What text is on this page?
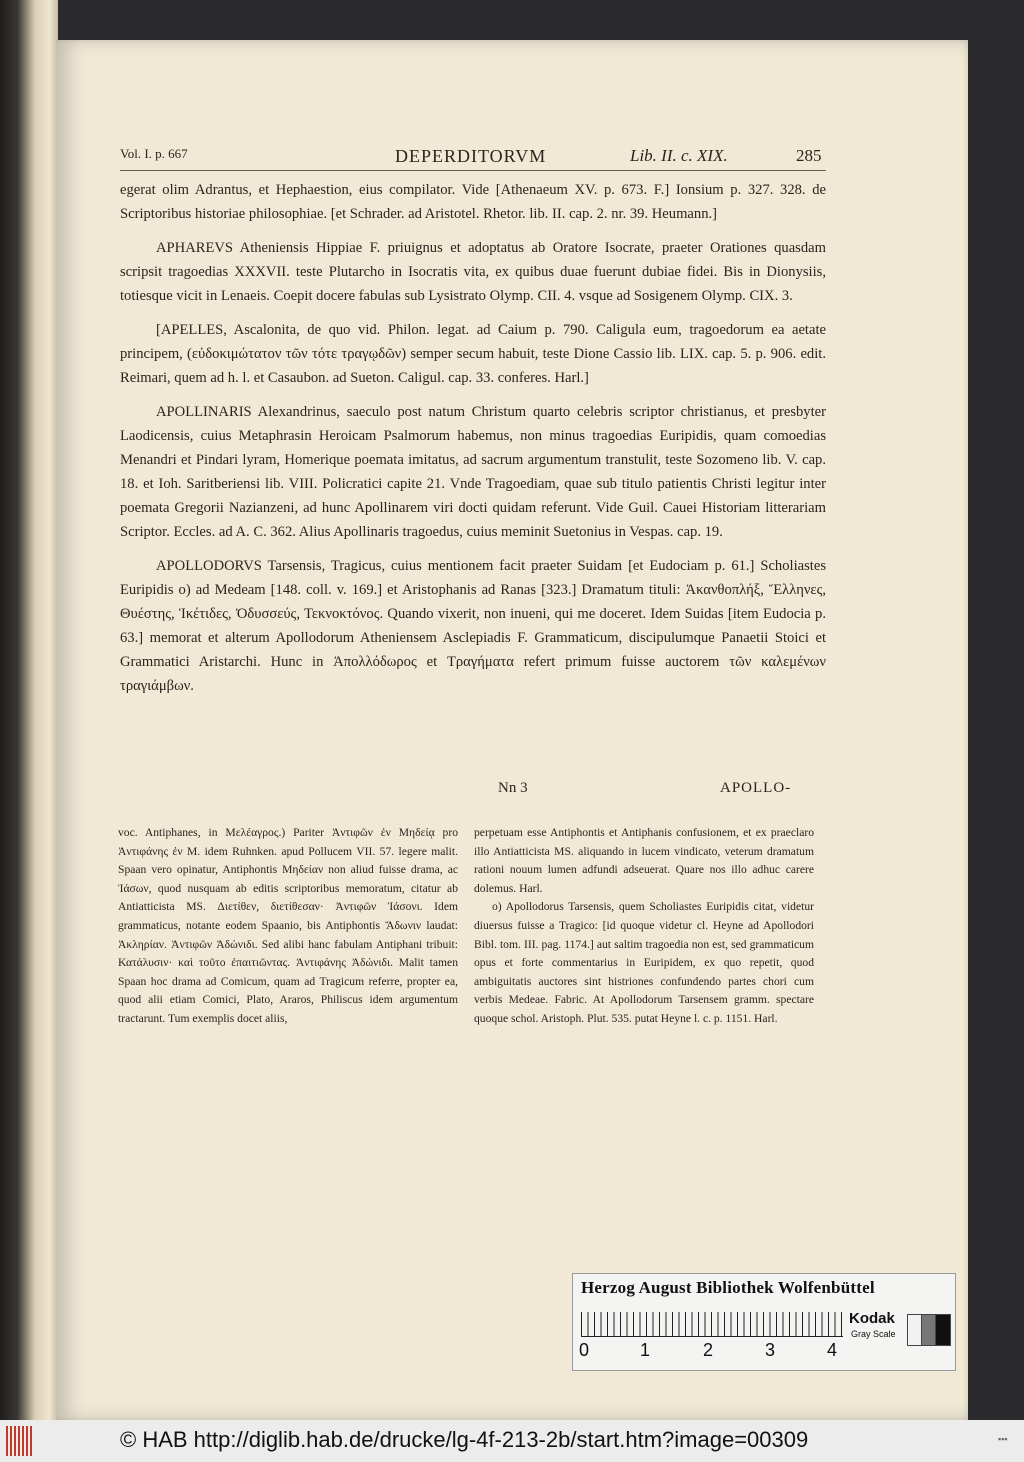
Vol. I. p. 667	DEPERDITORVM	Lib. II. c. XIX.	285

egerat olim Adrantus, et Hephaestion, eius compilator. Vide [Athenaeum XV. p. 673. F.] Ionsium p. 327. 328. de Scriptoribus historiae philosophiae. [et Schrader. ad Aristotel. Rhetor. lib. II. cap. 2. nr. 39. Heumann.]

APHAREVS Atheniensis Hippiae F. priuignus et adoptatus ab Oratore Isocrate, praeter Orationes quasdam scripsit tragoedias XXXVII. teste Plutarcho in Isocratis vita, ex quibus duae fuerunt dubiae fidei. Bis in Dionysiis, totiesque vicit in Lenaeis. Coepit docere fabulas sub Lysistrato Olymp. CII. 4. vsque ad Sosigenem Olymp. CIX. 3.

[APELLES, Ascalonita, de quo vid. Philon. legat. ad Caium p. 790. Caligula eum, tragoedorum ea aetate principem, (εὐδοκιμώτατον τῶν τότε τραγῳδῶν) semper secum habuit, teste Dione Cassio lib. LIX. cap. 5. p. 906. edit. Reimari, quem ad h. l. et Casaubon. ad Sueton. Caligul. cap. 33. conferes. Harl.]

APOLLINARIS Alexandrinus, saeculo post natum Christum quarto celebris scriptor christianus, et presbyter Laodicensis, cuius Metaphrasin Heroicam Psalmorum habemus, non minus tragoedias Euripidis, quam comoedias Menandri et Pindari lyram, Homerique poemata imitatus, ad sacrum argumentum transtulit, teste Sozomeno lib. V. cap. 18. et Ioh. Saritberiensi lib. VIII. Policratici capite 21. Vnde Tragoediam, quae sub titulo patientis Christi legitur inter poemata Gregorii Nazianzeni, ad hunc Apollinarem viri docti quidam referunt. Vide Guil. Cauei Historiam litterariam Scriptor. Eccles. ad A. C. 362. Alius Apollinaris tragoedus, cuius meminit Suetonius in Vespas. cap. 19.

APOLLODORVS Tarsensis, Tragicus, cuius mentionem facit praeter Suidam [et Eudociam p. 61.] Scholiastes Euripidis o) ad Medeam [148. coll. v. 169.] et Aristophanis ad Ranas [323.] Dramatum tituli: Ἀκανθοπλήξ, Ἕλληνες, Θυέστης, Ἱκέτιδες, Ὀδυσσεύς, Τεκνοκτόνος. Quando vixerit, non inueni, qui me doceret. Idem Suidas [item Eudocia p. 63.] memorat et alterum Apollodorum Atheniensem Asclepiadis F. Grammaticum, discipulumque Panaetii Stoici et Grammatici Aristarchi. Hunc in Ἀπολλόδωρος et Τραγήματα refert primum fuisse auctorem τῶν καλεμένων τραγιάμβων.

Nn 3	APOLLO-

voc. Antiphanes, in Μελέαγρος.) Pariter Ἀντιφῶν ἐν Μηδείᾳ pro Ἀντιφάνης ἐν M. idem Ruhnken. apud Pollucem VII. 57. legere malit. Spaan vero opinatur, Antiphontis Μηδείαν non aliud fuisse drama, ac Ἰάσων, quod nusquam ab editis scriptoribus memoratum, citatur ab Antiatticista MS. Διετίθεν, διετίθεσαν· Ἀντιφῶν Ἰάσονι. Idem grammaticus, notante eodem Spaanio, bis Antiphontis Ἄδωνιν laudat: Ἀκληρίαν. Ἀντιφῶν Ἀδώνιδι. Sed alibi hanc fabulam Antiphani tribuit: Κατάλυσιν· καὶ τοῦτο ἐπαιτιῶντας. Ἀντιφάνης Ἀδώνιδι. Malit tamen Spaan hoc drama ad Comicum, quam ad Tragicum referre, propter ea, quod alii etiam Comici, Plato, Araros, Philiscus idem argumentum tractarunt. Tum exemplis docet aliis,

perpetuam esse Antiphontis et Antiphanis confusionem, et ex praeclaro illo Antiatticista MS. aliquando in lucem vindicato, veterum dramatum rationi nouum lumen adfundi adseuerat. Quare nos illo adhuc carere dolemus. Harl.

o) Apollodorus Tarsensis, quem Scholiastes Euripidis citat, videtur diuersus fuisse a Tragico: [id quoque videtur cl. Heyne ad Apollodori Bibl. tom. III. pag. 1174.] aut saltim tragoedia non est, sed grammaticum opus et forte commentarius in Euripidem, ex quo repetit, quod ambiguitatis auctores sint histriones confundendo partes chori cum verbis Medeae. Fabric. At Apollodorum Tarsensem gramm. spectare quoque schol. Aristoph. Plut. 535. putat Heyne l. c. p. 1151. Harl.

Herzog August Bibliothek Wolfenbüttel
0	1	2	3	4
Kodak
Gray Scale
© HAB http://diglib.hab.de/drucke/lg-4f-213-2b/start.htm?image=00309	▪▪▪
